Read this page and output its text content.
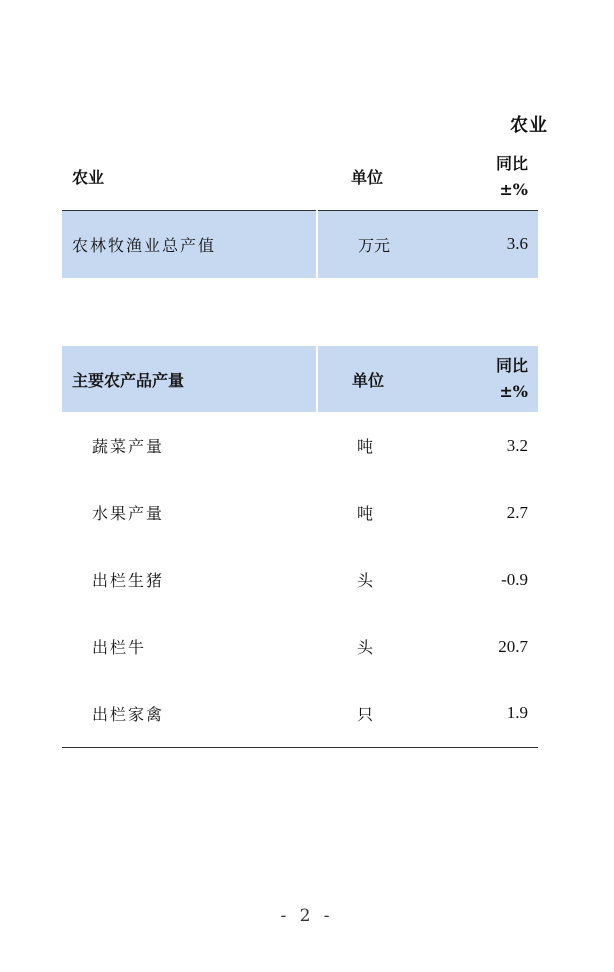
农业
农业	单位	同比
±%

农林牧渔业总产值	万元	3.6
主要农产品产量	单位	同比
±%

蔬菜产量	吨	3.2
水果产量	吨	2.7
出栏生猪	头	-0.9
出栏牛	头	20.7
出栏家禽	只	1.9
- 2 -
